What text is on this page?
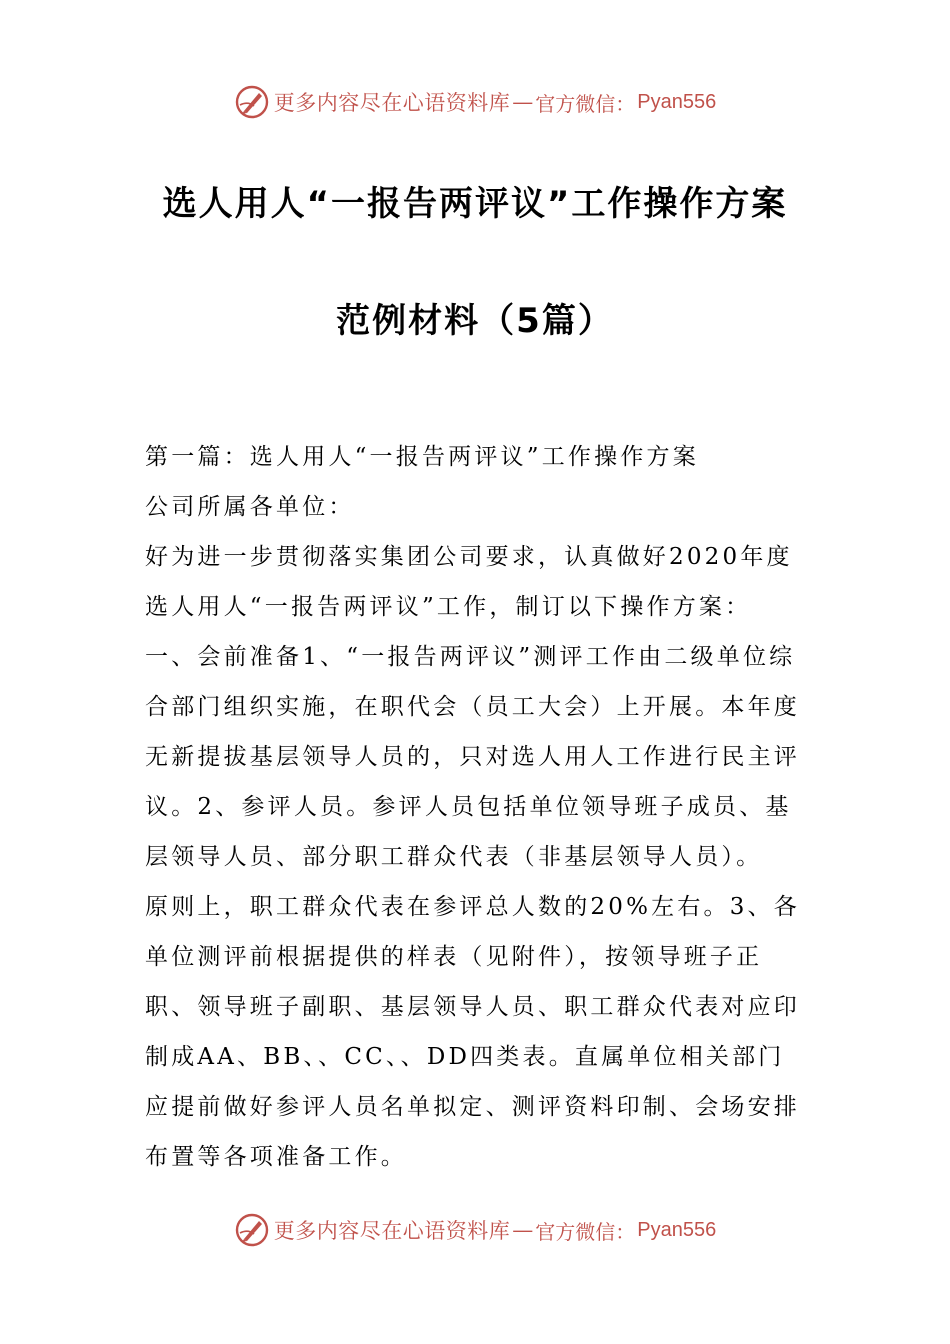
更多内容尽在心语资料库 — 官方微信： Pyan556
选人用人“一报告两评议”工作操作方案
范例材料（5篇）

第一篇：选人用人“一报告两评议”工作操作方案

公司所属各单位：

好为进一步贯彻落实集团公司要求，认真做好2020年度选人用人“一报告两评议”工作，制订以下操作方案：

一、会前准备1、“一报告两评议”测评工作由二级单位综合部门组织实施，在职代会（员工大会）上开展。本年度无新提拔基层领导人员的，只对选人用人工作进行民主评议。2、参评人员。参评人员包括单位领导班子成员、基层领导人员、部分职工群众代表（非基层领导人员）。

原则上，职工群众代表在参评总人数的20%左右。3、各单位测评前根据提供的样表（见附件），按领导班子正职、领导班子副职、基层领导人员、职工群众代表对应印制成AA、BB、、CC、、DD四类表。直属单位相关部门应提前做好参评人员名单拟定、测评资料印制、会场安排布置等各项准备工作。

更多内容尽在心语资料库 — 官方微信： Pyan556
